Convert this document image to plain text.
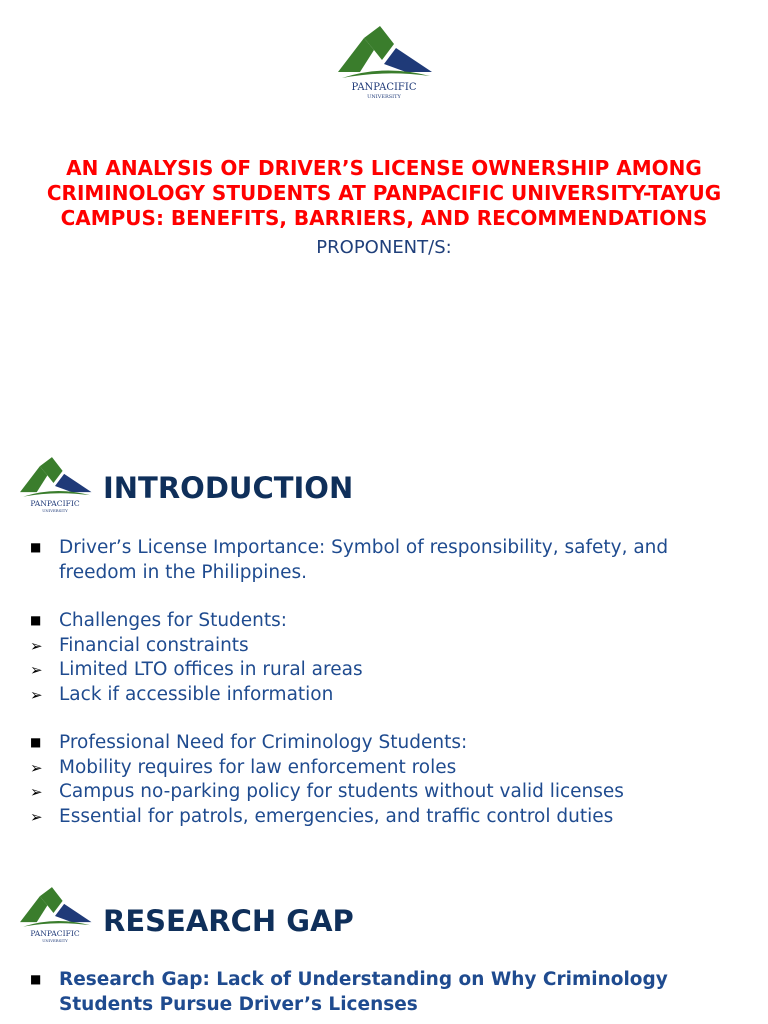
PANPACIFIC
UNIVERSITY
AN ANALYSIS OF DRIVER’S LICENSE OWNERSHIP AMONG
CRIMINOLOGY STUDENTS AT PANPACIFIC UNIVERSITY-TAYUG
CAMPUS: BENEFITS, BARRIERS, AND RECOMMENDATIONS
PROPONENT/S:
PANPACIFIC
UNIVERSITY
INTRODUCTION
■ Driver’s License Importance: Symbol of responsibility, safety, and freedom in the Philippines.
■ Challenges for Students:
➢ Financial constraints
➢ Limited LTO offices in rural areas
➢ Lack if accessible information
■ Professional Need for Criminology Students:
➢ Mobility requires for law enforcement roles
➢ Campus no-parking policy for students without valid licenses
➢ Essential for patrols, emergencies, and traffic control duties
PANPACIFIC
UNIVERSITY
RESEARCH GAP
■ Research Gap: Lack of Understanding on Why Criminology Students Pursue Driver’s Licenses
